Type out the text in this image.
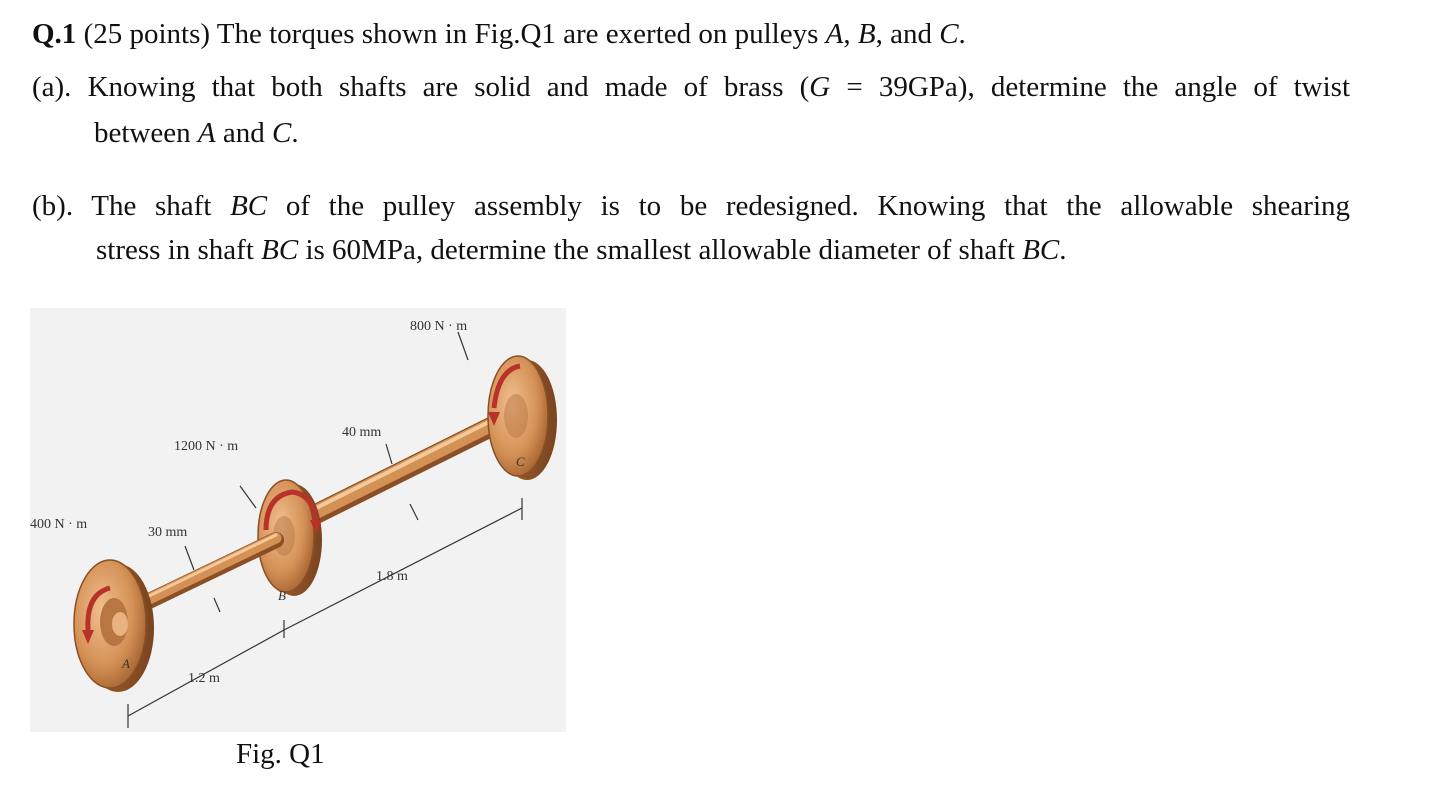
Q.1 (25 points) The torques shown in Fig.Q1 are exerted on pulleys A, B, and C.
(a). Knowing that both shafts are solid and made of brass (G = 39GPa), determine the angle of twist
between A and C.
(b). The shaft BC of the pulley assembly is to be redesigned. Knowing that the allowable shearing
stress in shaft BC is 60MPa, determine the smallest allowable diameter of shaft BC.
400 N · m
1200 N · m
800 N · m
30 mm
40 mm
1.2 m
1.8 m
A
B
C
Fig. Q1
